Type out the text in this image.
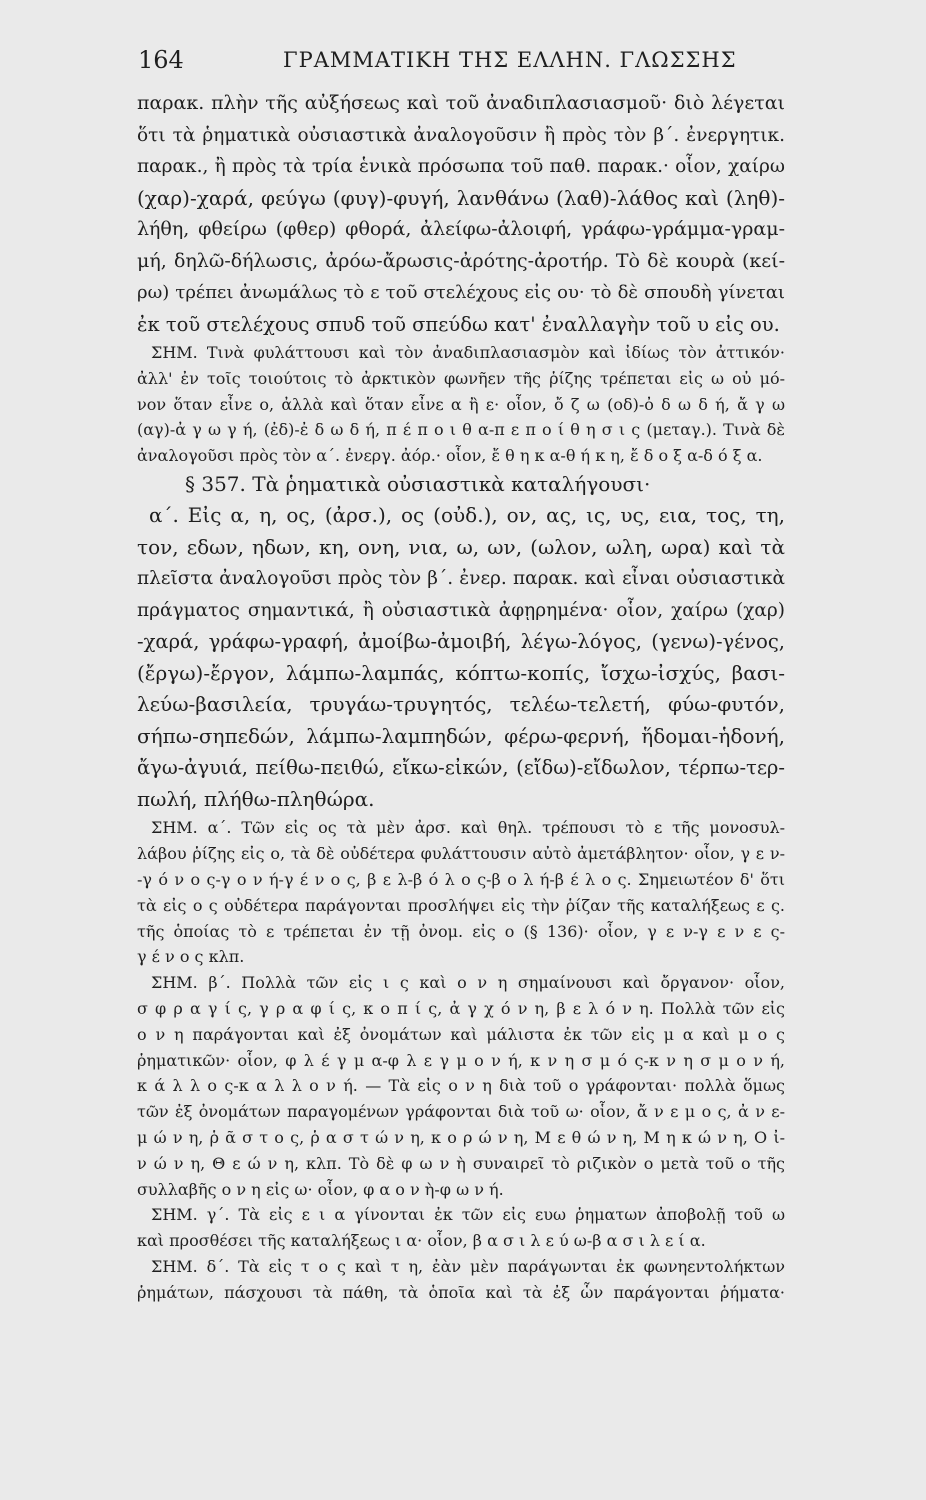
164	ΓΡΑΜΜΑΤΙΚΗ ΤΗΣ ΕΛΛΗΝ. ΓΛΩΣΣΗΣ
παρακ. πλὴν τῆς αὐξήσεως καὶ τοῦ ἀναδιπλασιασμοῦ· διὸ λέγεται
ὅτι τὰ ῥηματικὰ οὐσιαστικὰ ἀναλογοῦσιν ἢ πρὸς τὸν β΄. ἐνεργητικ.
παρακ., ἢ πρὸς τὰ τρία ἑνικὰ πρόσωπα τοῦ παθ. παρακ.· οἷον, χαίρω
(χαρ)-χαρά, φεύγω (φυγ)-φυγή, λανθάνω (λαθ)-λάθος καὶ (ληθ)-
λήθη, φθείρω (φθερ) φθορά, ἀλείφω-ἀλοιφή, γράφω-γράμμα-γραμ-
μή, δηλῶ-δήλωσις, ἀρόω-ἄρωσις-ἀρότης-ἀροτήρ. Τὸ δὲ κουρὰ (κεί-
ρω) τρέπει ἀνωμάλως τὸ ε τοῦ στελέχους εἰς ου· τὸ δὲ σπουδὴ γίνεται
ἐκ τοῦ στελέχους σπυδ τοῦ σπεύδω κατ' ἐναλλαγὴν τοῦ υ εἰς ου.
ΣΗΜ. Τινὰ φυλάττουσι καὶ τὸν ἀναδιπλασιασμὸν καὶ ἰδίως τὸν ἀττικόν·
ἀλλ' ἐν τοῖς τοιούτοις τὸ ἀρκτικὸν φωνῆεν τῆς ῥίζης τρέπεται εἰς ω οὐ μό-
νον ὅταν εἶνε ο, ἀλλὰ καὶ ὅταν εἶνε α ἢ ε· οἷον, ὄ ζ ω (οδ)-ὀ δ ω δ ή, ἄ γ ω
(αγ)-ἀ γ ω γ ή, (ἐδ)-ἐ δ ω δ ή, π έ π ο ι θ α-π ε π ο ί θ η σ ι ς (μεταγ.). Τινὰ δὲ
ἀναλογοῦσι πρὸς τὸν α΄. ἐνεργ. ἀόρ.· οἷον, ἔ θ η κ α-θ ή κ η, ἔ δ ο ξ α-δ ό ξ α.
§ 357. Τὰ ῥηματικὰ οὐσιαστικὰ καταλήγουσι·
α΄. Εἰς α, η, ος, (ἀρσ.), ος (οὐδ.), ον, ας, ις, υς, εια, τος, τη,
τον, εδων, ηδων, κη, ονη, νια, ω, ων, (ωλον, ωλη, ωρα) καὶ τὰ
πλεῖστα ἀναλογοῦσι πρὸς τὸν β΄. ἐνερ. παρακ. καὶ εἶναι οὐσιαστικὰ
πράγματος σημαντικά, ἢ οὐσιαστικὰ ἀφῃρημένα· οἷον, χαίρω (χαρ)
-χαρά, γράφω-γραφή, ἀμοίβω-ἀμοιβή, λέγω-λόγος, (γενω)-γένος,
(ἔργω)-ἔργον, λάμπω-λαμπάς, κόπτω-κοπίς, ἴσχω-ἰσχύς, βασι-
λεύω-βασιλεία, τρυγάω-τρυγητός, τελέω-τελετή, φύω-φυτόν,
σήπω-σηπεδών, λάμπω-λαμπηδών, φέρω-φερνή, ἥδομαι-ἡδονή,
ἄγω-ἀγυιά, πείθω-πειθώ, εἴκω-εἰκών, (εἴδω)-εἴδωλον, τέρπω-τερ-
πωλή, πλήθω-πληθώρα.
ΣΗΜ. α΄. Τῶν εἰς ος τὰ μὲν ἀρσ. καὶ θηλ. τρέπουσι τὸ ε τῆς μονοσυλ-
λάβου ῥίζης εἰς ο, τὰ δὲ οὐδέτερα φυλάττουσιν αὐτὸ ἀμετάβλητον· οἷον, γ ε ν-
-γ ό ν ο ς-γ ο ν ή-γ έ ν ο ς, β ε λ-β ό λ ο ς-β ο λ ή-β έ λ ο ς. Σημειωτέον δ' ὅτι
τὰ εἰς ο ς οὐδέτερα παράγονται προσλήψει εἰς τὴν ῥίζαν τῆς καταλήξεως ε ς.
τῆς ὁποίας τὸ ε τρέπεται ἐν τῇ ὀνομ. εἰς ο (§ 136)· οἷον, γ ε ν-γ ε ν ε ς-
γ έ ν ο ς κλπ.
ΣΗΜ. β΄. Πολλὰ τῶν εἰς ι ς καὶ ο ν η σημαίνουσι καὶ ὄργανον· οἷον,
σ φ ρ α γ ί ς, γ ρ α φ ί ς, κ ο π ί ς, ἀ γ χ ό ν η, β ε λ ό ν η. Πολλὰ τῶν εἰς
ο ν η παράγονται καὶ ἐξ ὀνομάτων καὶ μάλιστα ἐκ τῶν εἰς μ α καὶ μ ο ς
ῥηματικῶν· οἷον, φ λ έ γ μ α-φ λ ε γ μ ο ν ή, κ ν η σ μ ό ς-κ ν η σ μ ο ν ή,
κ ά λ λ ο ς-κ α λ λ ο ν ή. — Τὰ εἰς ο ν η διὰ τοῦ ο γράφονται· πολλὰ ὅμως
τῶν ἐξ ὀνομάτων παραγομένων γράφονται διὰ τοῦ ω· οἷον, ἄ ν ε μ ο ς, ἀ ν ε-
μ ώ ν η, ῥ ᾶ σ τ ο ς, ῥ α σ τ ώ ν η, κ ο ρ ώ ν η, Μ ε θ ώ ν η, Μ η κ ώ ν η, Ο ἰ-
ν ώ ν η, Θ ε ώ ν η, κλπ. Τὸ δὲ φ ω ν ὴ συναιρεῖ τὸ ριζικὸν ο μετὰ τοῦ ο τῆς
συλλαβῆς ο ν η εἰς ω· οἷον, φ α ο ν ὴ-φ ω ν ή.
ΣΗΜ. γ΄. Τὰ εἰς ε ι α γίνονται ἐκ τῶν εἰς ευω ῥηματων ἀποβολῇ τοῦ ω
καὶ προσθέσει τῆς καταλήξεως ι α· οἷον, β α σ ι λ ε ύ ω-β α σ ι λ ε ί α.
ΣΗΜ. δ΄. Τὰ εἰς τ ο ς καὶ τ η, ἐὰν μὲν παράγωνται ἐκ φωνηεντολήκτων
ῥημάτων, πάσχουσι τὰ πάθη, τὰ ὁποῖα καὶ τὰ ἐξ ὧν παράγονται ῥήματα·
